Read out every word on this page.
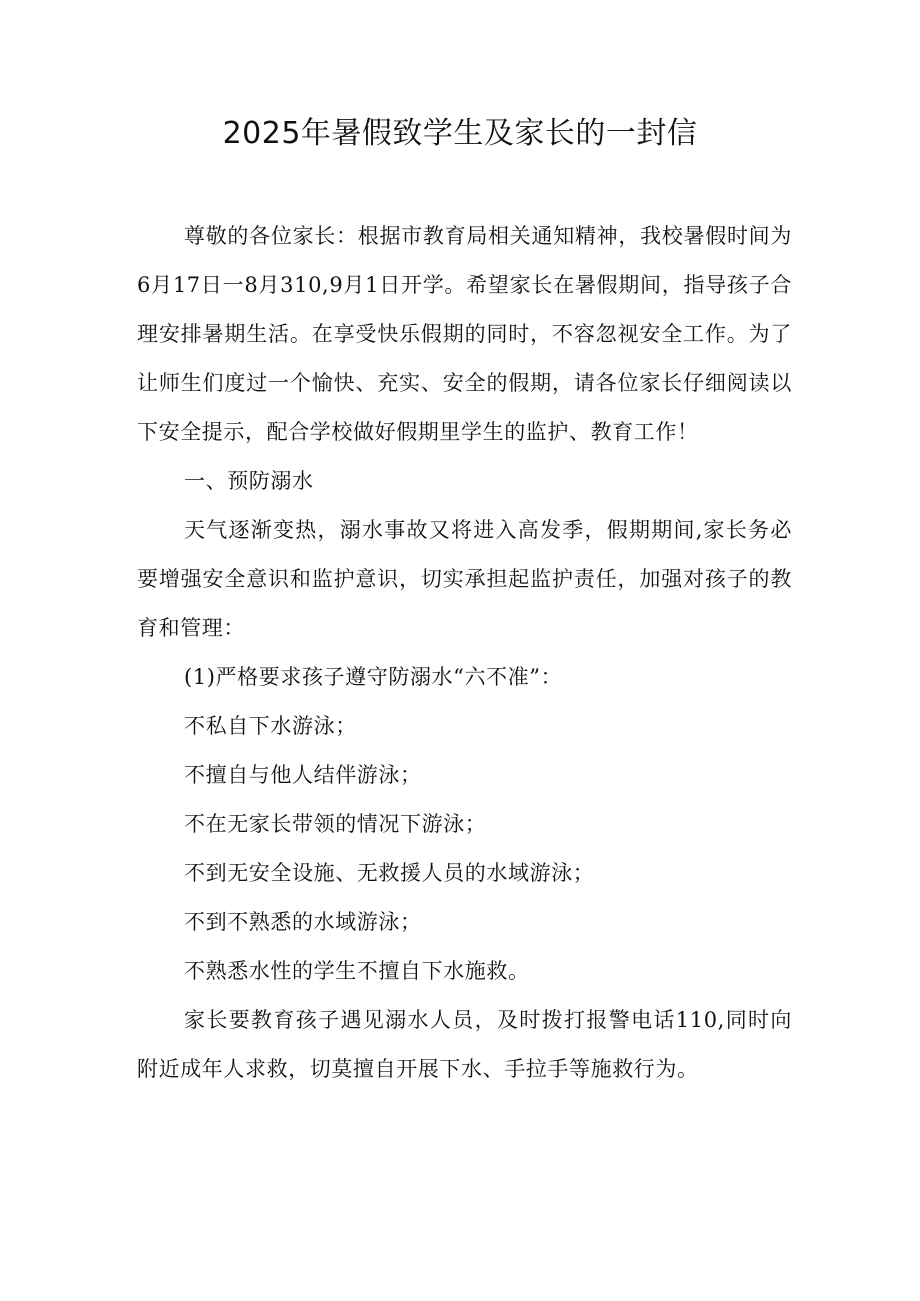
2025年暑假致学生及家长的一封信

尊敬的各位家长：根据市教育局相关通知精神，我校暑假时间为6月17日一8月310,9月1日开学。希望家长在暑假期间，指导孩子合理安排暑期生活。在享受快乐假期的同时，不容忽视安全工作。为了让师生们度过一个愉快、充实、安全的假期，请各位家长仔细阅读以下安全提示，配合学校做好假期里学生的监护、教育工作！

一、预防溺水

天气逐渐变热，溺水事故又将进入高发季，假期期间,家长务必要增强安全意识和监护意识，切实承担起监护责任，加强对孩子的教育和管理：

(1)严格要求孩子遵守防溺水“六不准”：

不私自下水游泳；

不擅自与他人结伴游泳；

不在无家长带领的情况下游泳；

不到无安全设施、无救援人员的水域游泳；

不到不熟悉的水域游泳；

不熟悉水性的学生不擅自下水施救。

家长要教育孩子遇见溺水人员，及时拨打报警电话110,同时向附近成年人求救，切莫擅自开展下水、手拉手等施救行为。
